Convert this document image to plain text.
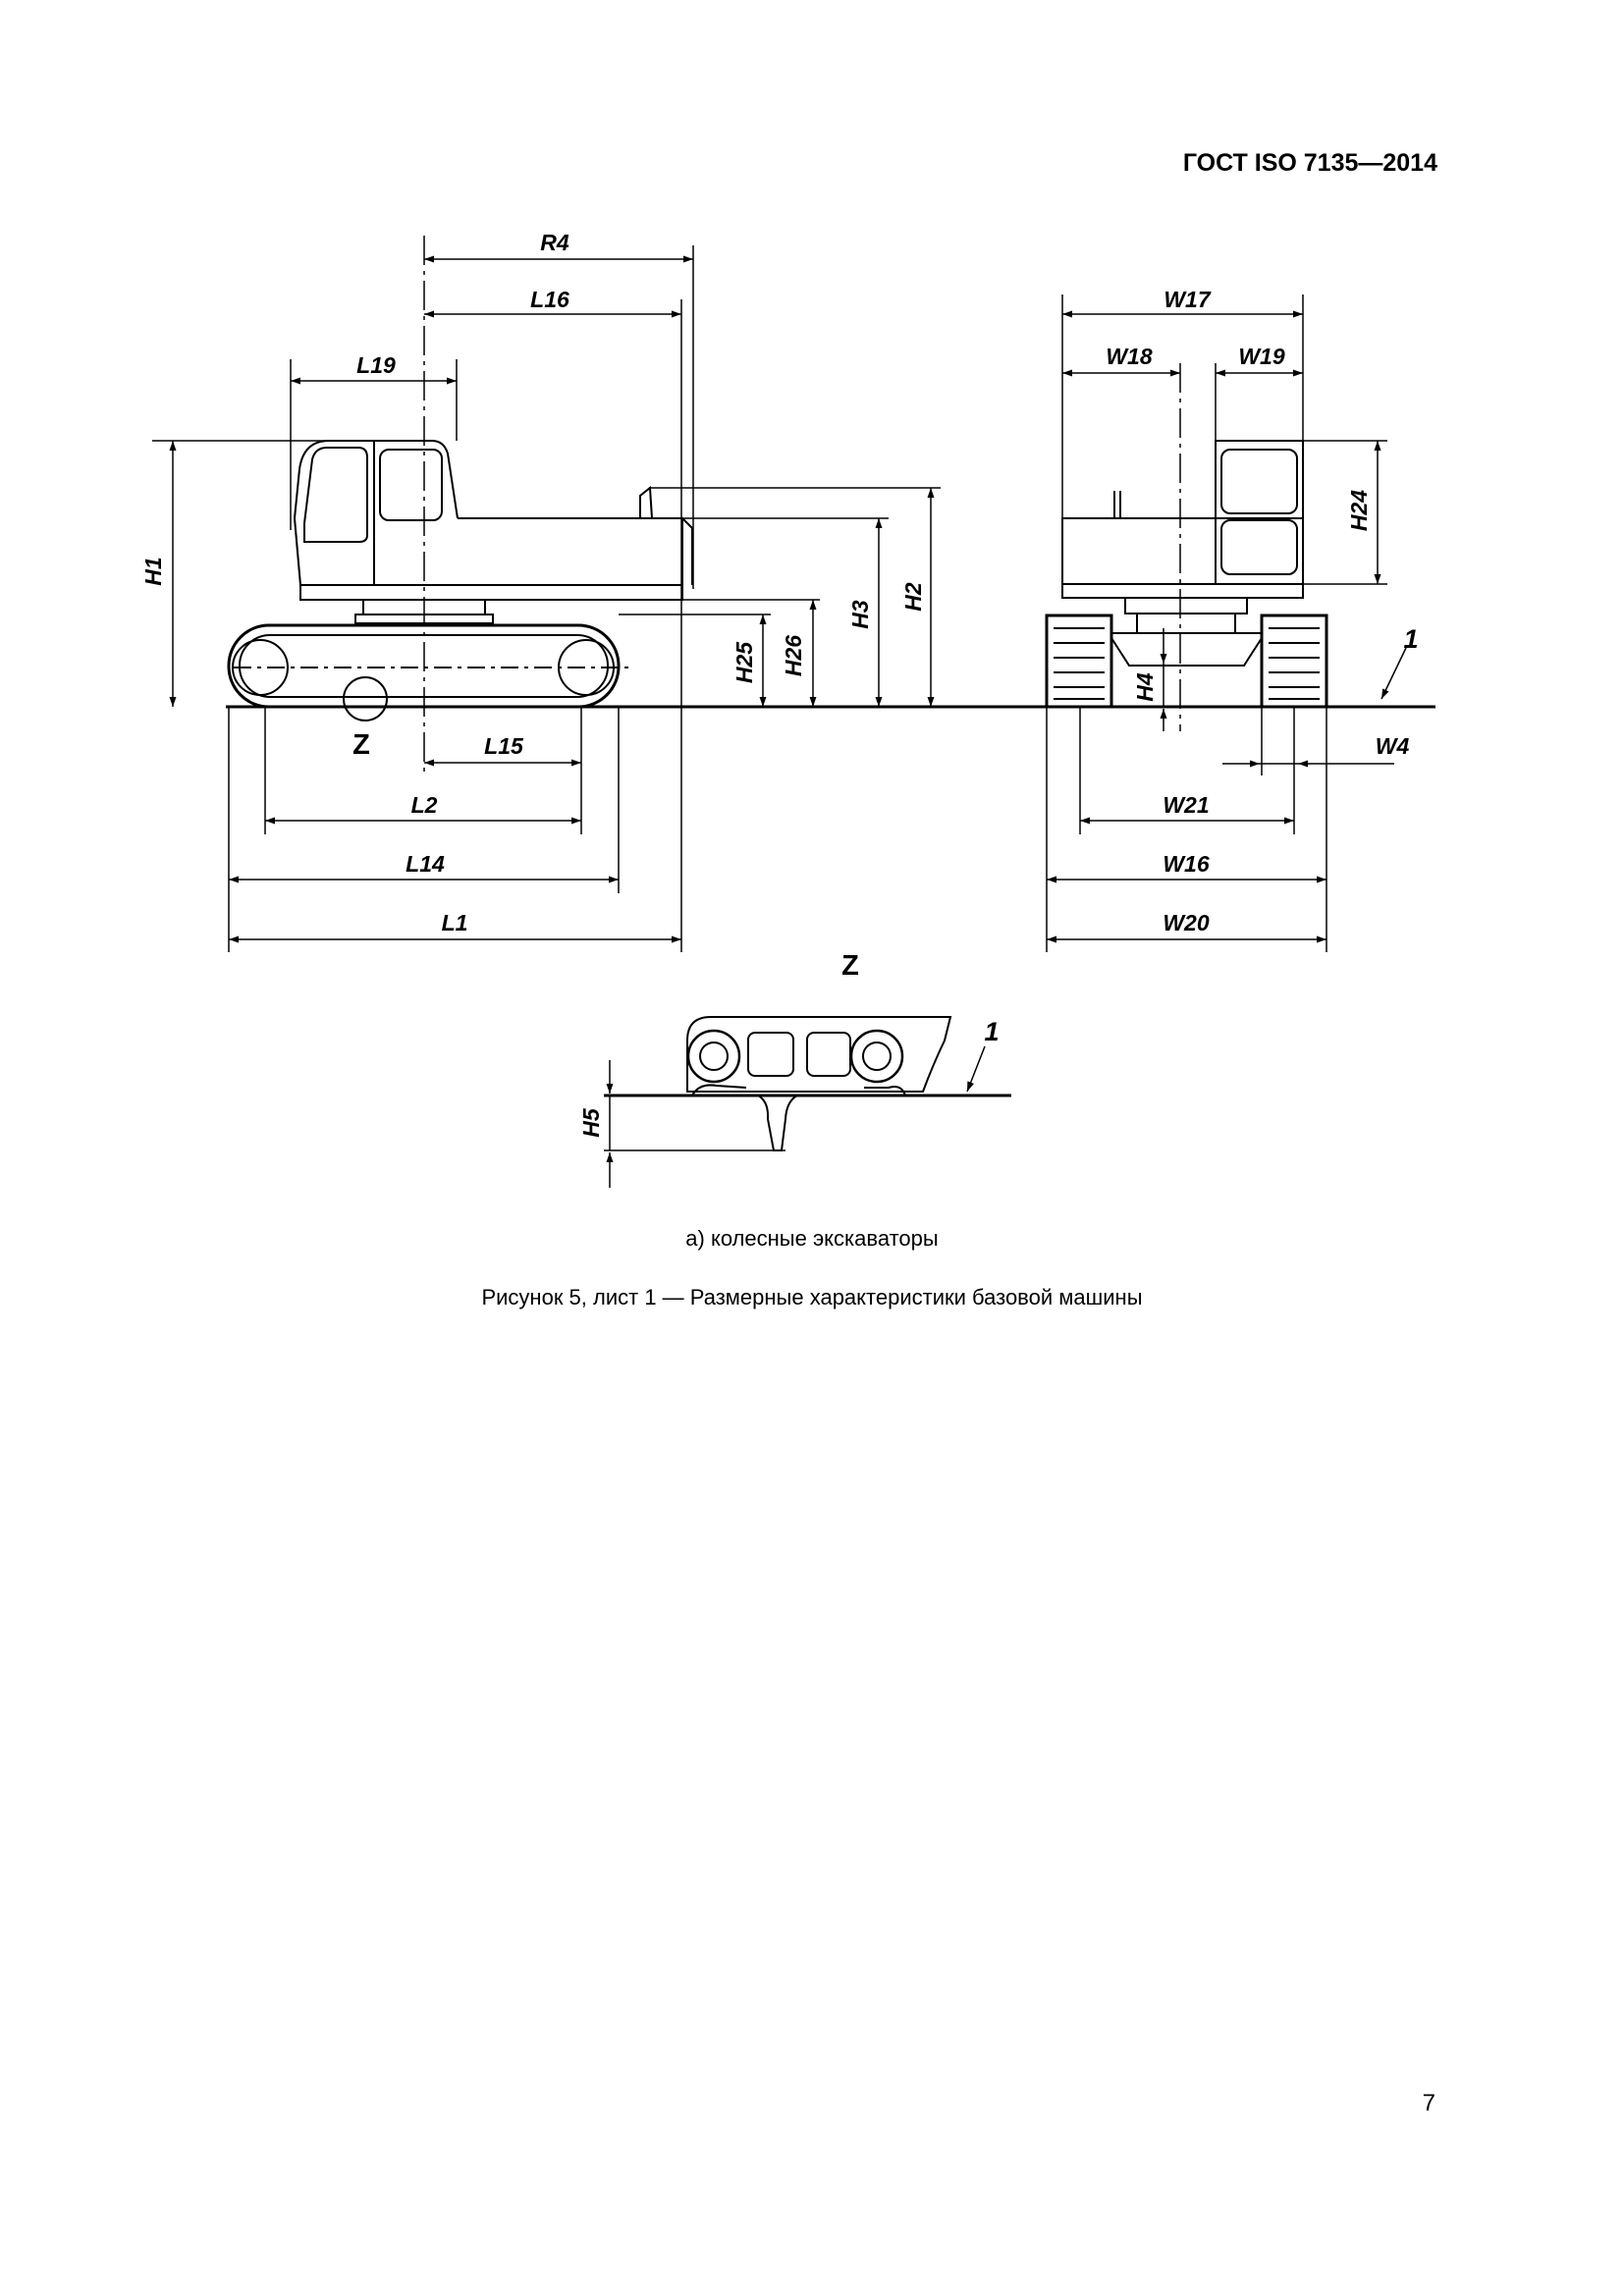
ГОСТ ISO 7135—2014
R4
L16
L19
H1
H2
H3
H26
H25
Z	L15
L2
L14
L1
W17
W18	W19
H24
H4
1
W4
W21
W16
W20
Z
H5
1
а) колесные экскаваторы
Рисунок 5, лист 1 — Размерные характеристики базовой машины
7
